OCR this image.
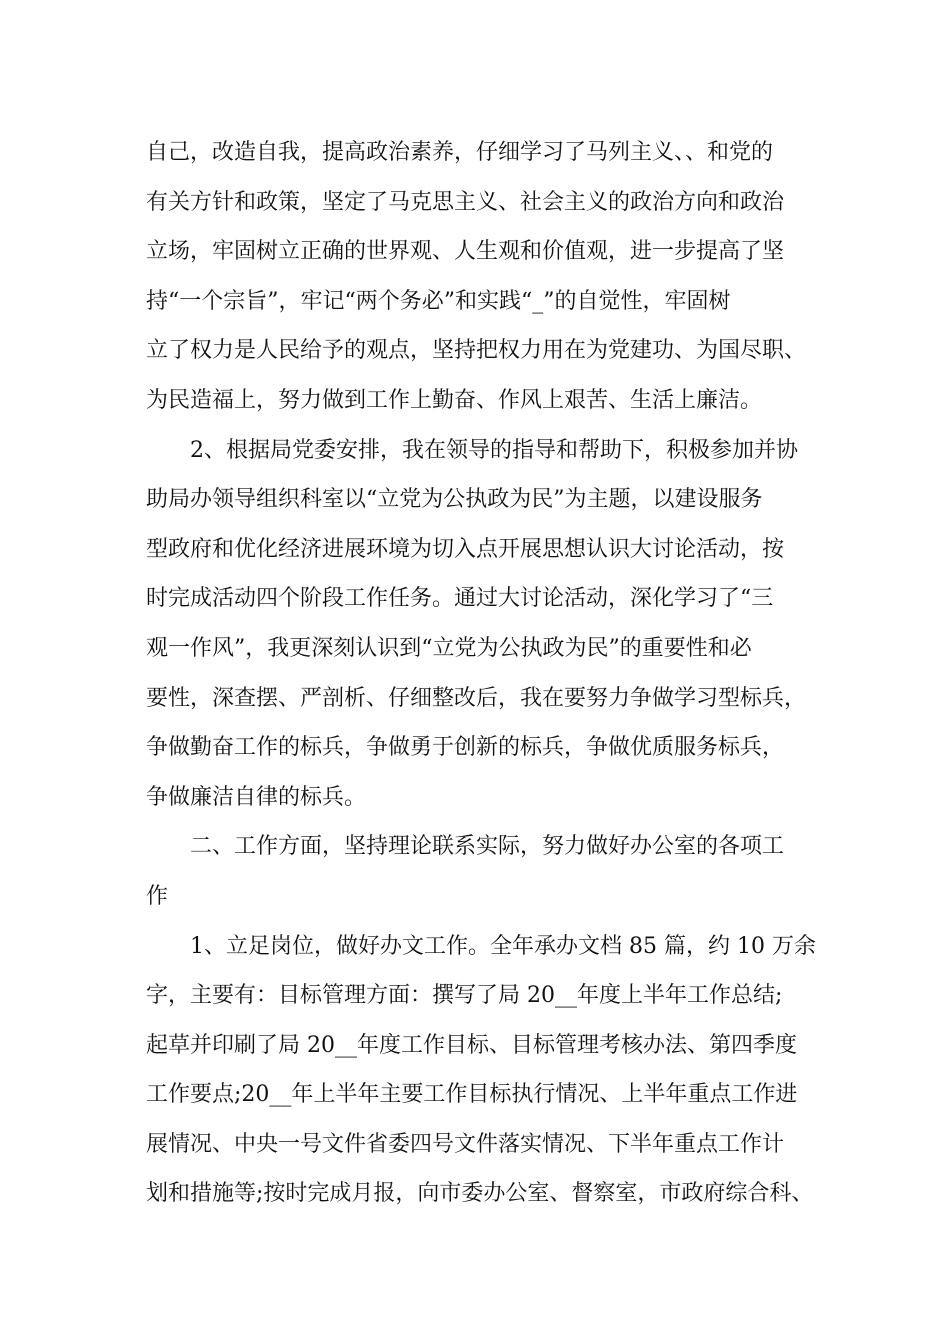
自己，改造自我，提高政治素养，仔细学习了马列主义、、和党的
有关方针和政策，坚定了马克思主义、社会主义的政治方向和政治
立场，牢固树立正确的世界观、人生观和价值观，进一步提高了坚
持“一个宗旨”，牢记“两个务必”和实践“_”的自觉性，牢固树
立了权力是人民给予的观点，坚持把权力用在为党建功、为国尽职、
为民造福上，努力做到工作上勤奋、作风上艰苦、生活上廉洁。
2、根据局党委安排，我在领导的指导和帮助下，积极参加并协
助局办领导组织科室以“立党为公执政为民”为主题，以建设服务
型政府和优化经济进展环境为切入点开展思想认识大讨论活动，按
时完成活动四个阶段工作任务。通过大讨论活动，深化学习了“三
观一作风”，我更深刻认识到“立党为公执政为民”的重要性和必
要性，深查摆、严剖析、仔细整改后，我在要努力争做学习型标兵，
争做勤奋工作的标兵，争做勇于创新的标兵，争做优质服务标兵，
争做廉洁自律的标兵。
二、工作方面，坚持理论联系实际，努力做好办公室的各项工
作
1、立足岗位，做好办文工作。全年承办文档 85 篇，约 10 万余
字，主要有：目标管理方面：撰写了局 20__年度上半年工作总结;
起草并印刷了局 20__年度工作目标、目标管理考核办法、第四季度
工作要点;20__年上半年主要工作目标执行情况、上半年重点工作进
展情况、中央一号文件省委四号文件落实情况、下半年重点工作计
划和措施等;按时完成月报，向市委办公室、督察室，市政府综合科、
